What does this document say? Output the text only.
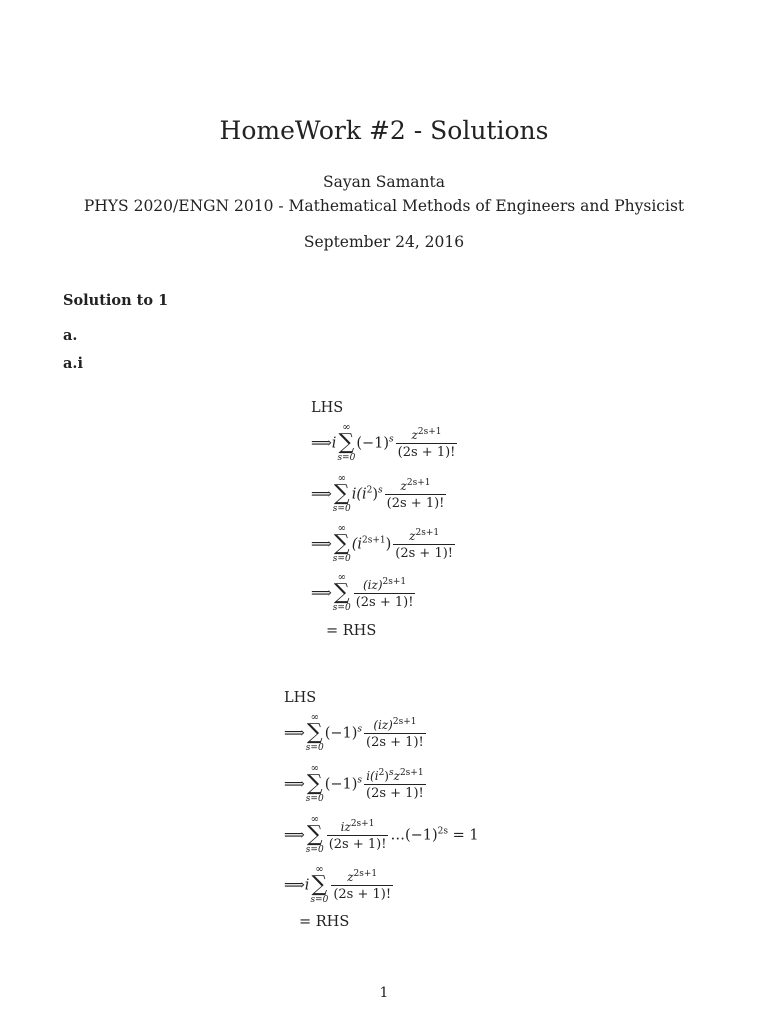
HomeWork #2 - Solutions
Sayan Samanta
PHYS 2020/ENGN 2010 - Mathematical Methods of Engineers and Physicist
September 24, 2016
Solution to 1
a.
a.i
LHS
⟹i
∞
∑
s=0
$(-1)^s \frac{z^{2s+1}}{(2s + 1)!}$
⟹
∞
∑
s=0
$i(i^2)^s \frac{z^{2s+1}}{(2s + 1)!}$
⟹
∞
∑
s=0
$(i^{2s+1}) \frac{z^{2s+1}}{(2s + 1)!}$
⟹
∞
∑
$s=0 \frac{(iz)^{2s+1}}{(2s + 1)!}$
= RHS
LHS
⟹
∞
∑
s=0
$(-1)^s \frac{(iz)^{2s+1}}{(2s + 1)!}$
⟹
∞
∑
s=0
$(-1)^s \frac{i(i^2)^sz^{2s+1}}{(2s + 1)!}$
⟹
∞
∑
$s=0 \frac{iz^{2s+1}}{(2s + 1)!}$ $\dots(-1)^{2s} = 1$
⟹i
∞
∑
$s=0 \frac{z^{2s+1}}{(2s + 1)!}$
= RHS
1
